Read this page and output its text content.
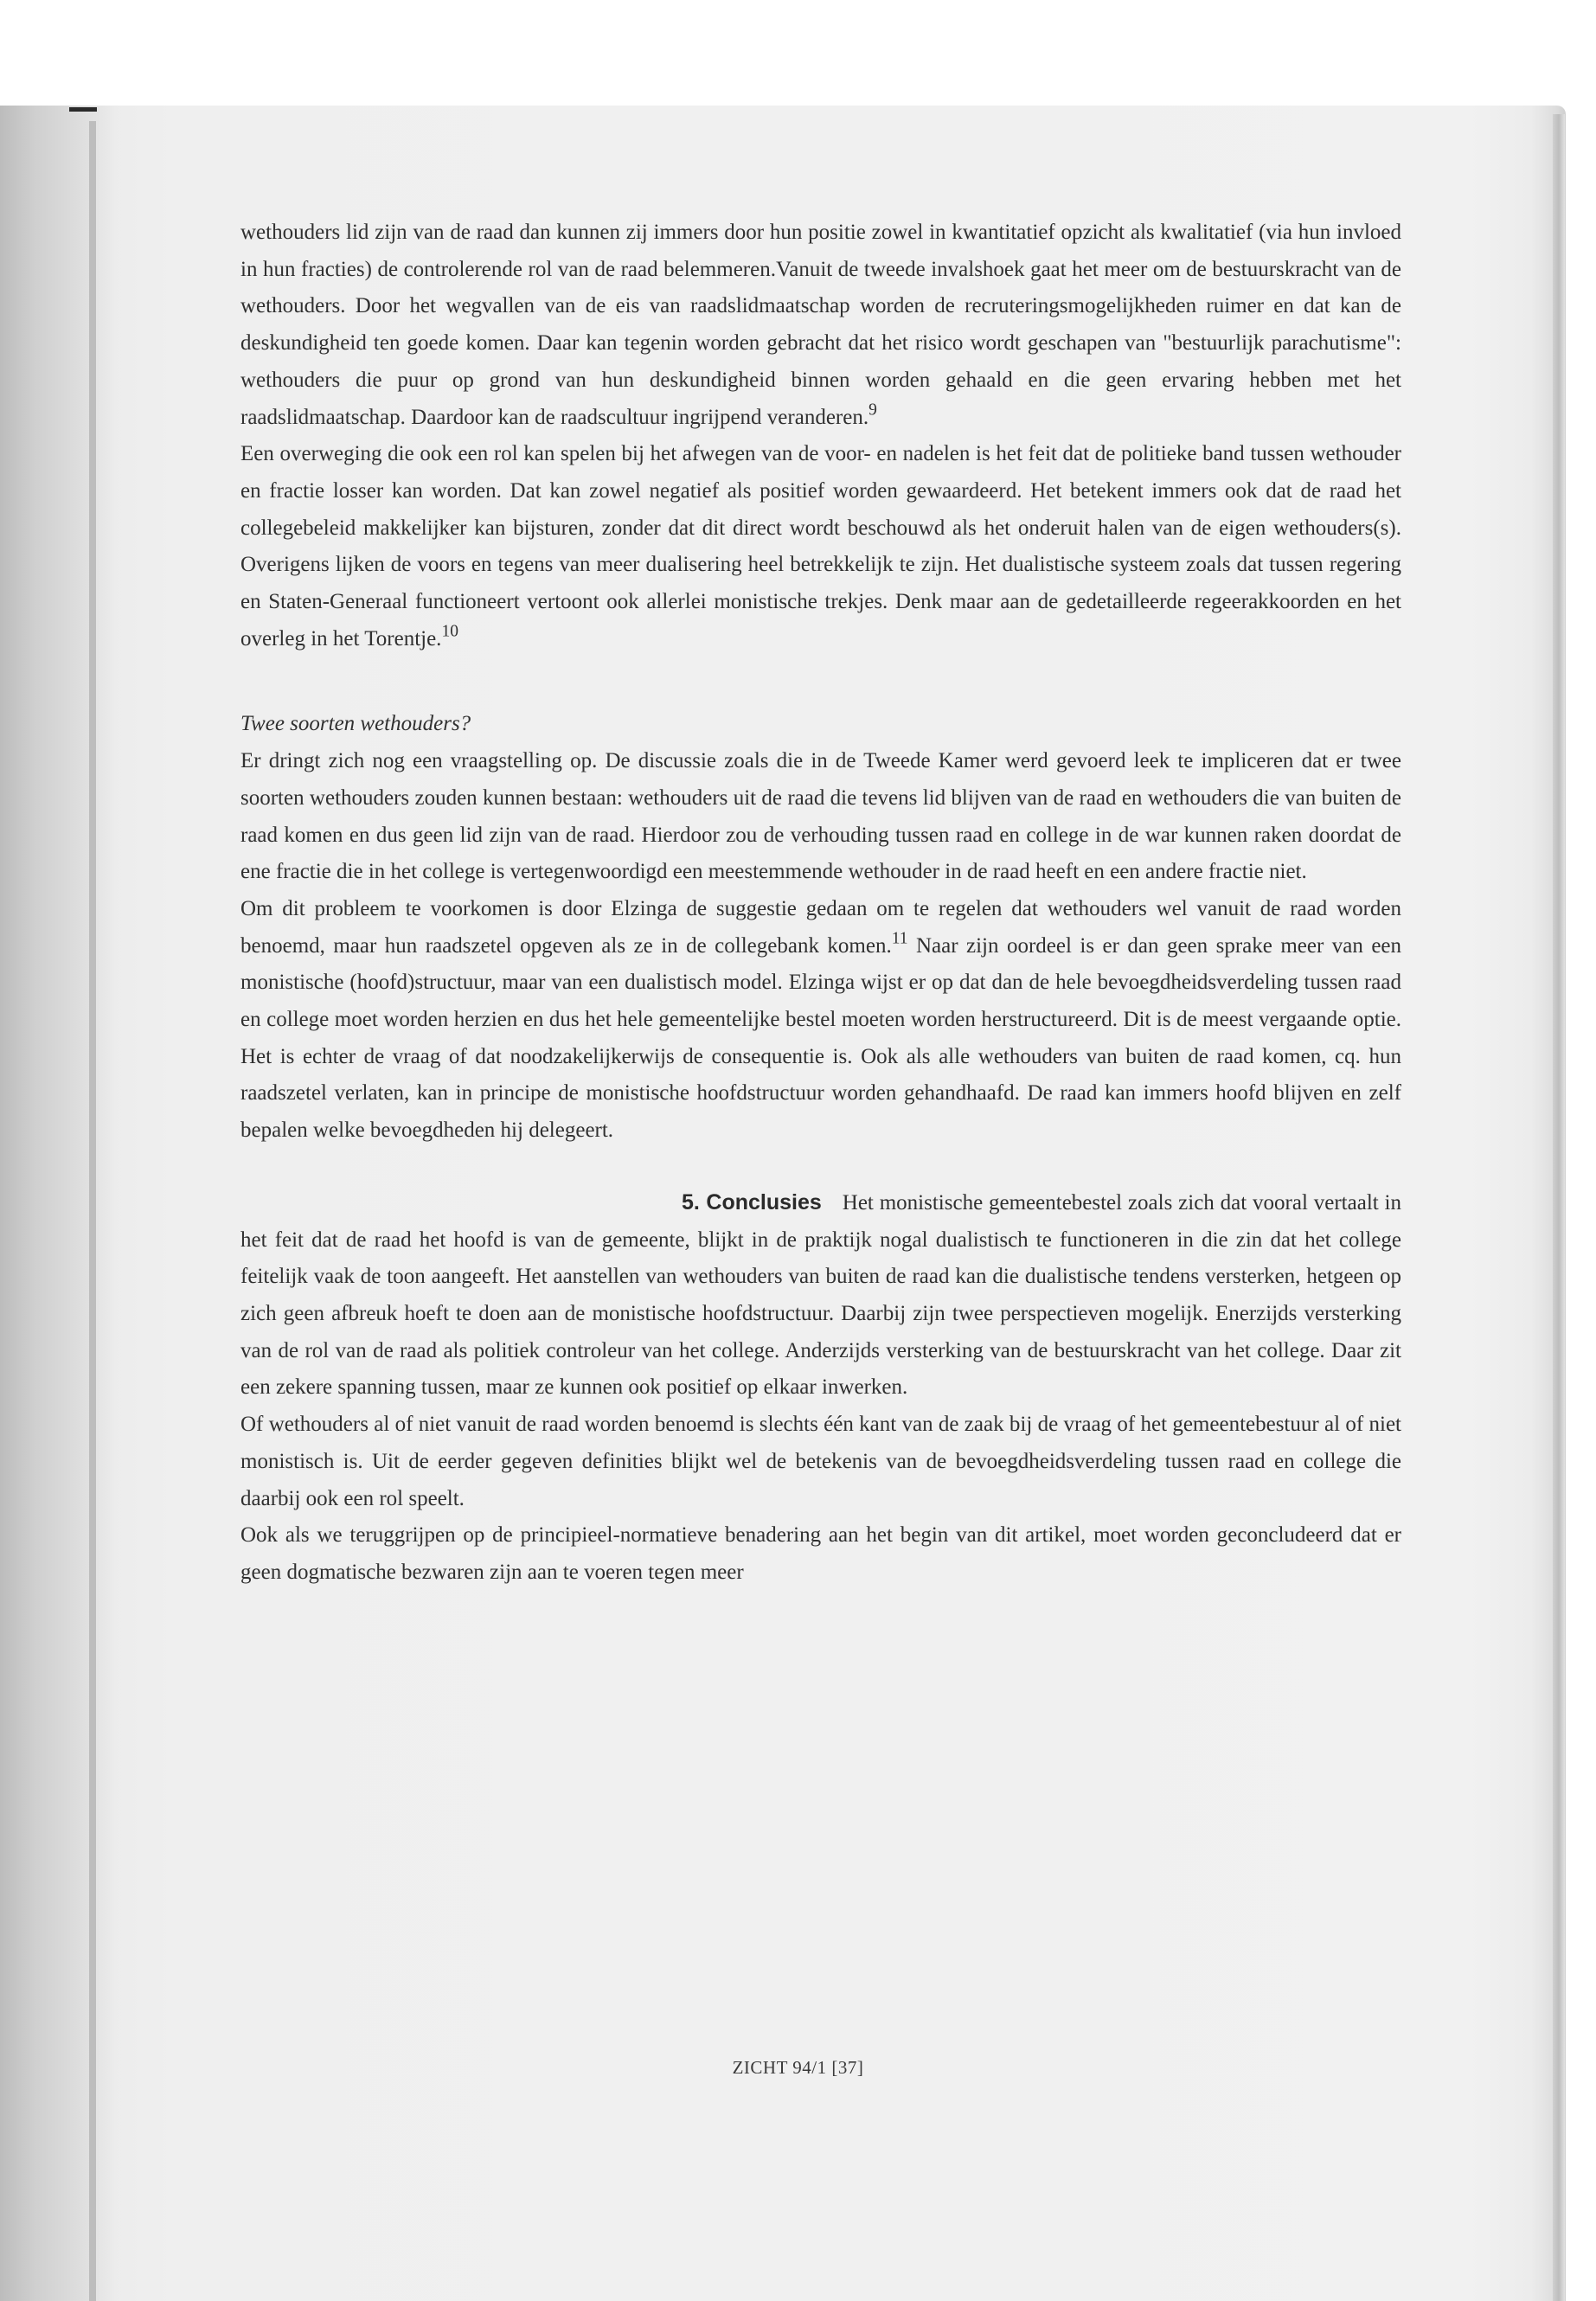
wethouders lid zijn van de raad dan kunnen zij immers door hun positie zowel in kwantitatief opzicht als kwalitatief (via hun invloed in hun fracties) de controlerende rol van de raad belemmeren.Vanuit de tweede invalshoek gaat het meer om de bestuurskracht van de wethouders. Door het wegvallen van de eis van raadslidmaatschap worden de recruteringsmogelijkheden ruimer en dat kan de deskundigheid ten goede komen. Daar kan tegenin worden gebracht dat het risico wordt geschapen van "bestuurlijk parachutisme": wethouders die puur op grond van hun deskundigheid binnen worden gehaald en die geen ervaring hebben met het raadslidmaatschap. Daardoor kan de raadscultuur ingrijpend veranderen.$^9$

Een overweging die ook een rol kan spelen bij het afwegen van de voor- en nadelen is het feit dat de politieke band tussen wethouder en fractie losser kan worden. Dat kan zowel negatief als positief worden gewaardeerd. Het betekent immers ook dat de raad het collegebeleid makkelijker kan bijsturen, zonder dat dit direct wordt beschouwd als het onderuit halen van de eigen wethouders(s). Overigens lijken de voors en tegens van meer dualisering heel betrekkelijk te zijn. Het dualistische systeem zoals dat tussen regering en Staten-Generaal functioneert vertoont ook allerlei monistische trekjes. Denk maar aan de gedetailleerde regeerakkoorden en het overleg in het Torentje.$^{10}$

Twee soorten wethouders?

Er dringt zich nog een vraagstelling op. De discussie zoals die in de Tweede Kamer werd gevoerd leek te impliceren dat er twee soorten wethouders zouden kunnen bestaan: wethouders uit de raad die tevens lid blijven van de raad en wethouders die van buiten de raad komen en dus geen lid zijn van de raad. Hierdoor zou de verhouding tussen raad en college in de war kunnen raken doordat de ene fractie die in het college is vertegenwoordigd een meestemmende wethouder in de raad heeft en een andere fractie niet.

Om dit probleem te voorkomen is door Elzinga de suggestie gedaan om te regelen dat wethouders wel vanuit de raad worden benoemd, maar hun raadszetel opgeven als ze in de collegebank komen.$^{11}$ Naar zijn oordeel is er dan geen sprake meer van een monistische (hoofd)structuur, maar van een dualistisch model. Elzinga wijst er op dat dan de hele bevoegdheidsverdeling tussen raad en college moet worden herzien en dus het hele gemeentelijke bestel moeten worden herstructureerd. Dit is de meest vergaande optie. Het is echter de vraag of dat noodzakelijkerwijs de consequentie is. Ook als alle wethouders van buiten de raad komen, cq. hun raadszetel verlaten, kan in principe de monistische hoofdstructuur worden gehandhaafd. De raad kan immers hoofd blijven en zelf bepalen welke bevoegdheden hij delegeert.

5. Conclusies Het monistische gemeentebestel zoals zich dat vooral vertaalt in het feit dat de raad het hoofd is van de gemeente, blijkt in de praktijk nogal dualistisch te functioneren in die zin dat het college feitelijk vaak de toon aangeeft. Het aanstellen van wethouders van buiten de raad kan die dualistische tendens versterken, hetgeen op zich geen afbreuk hoeft te doen aan de monistische hoofdstructuur. Daarbij zijn twee perspectieven mogelijk. Enerzijds versterking van de rol van de raad als politiek controleur van het college. Anderzijds versterking van de bestuurskracht van het college. Daar zit een zekere spanning tussen, maar ze kunnen ook positief op elkaar inwerken.

Of wethouders al of niet vanuit de raad worden benoemd is slechts één kant van de zaak bij de vraag of het gemeentebestuur al of niet monistisch is. Uit de eerder gegeven definities blijkt wel de betekenis van de bevoegdheidsverdeling tussen raad en college die daarbij ook een rol speelt.

Ook als we teruggrijpen op de principieel-normatieve benadering aan het begin van dit artikel, moet worden geconcludeerd dat er geen dogmatische bezwaren zijn aan te voeren tegen meer

ZICHT 94/1 [37]
